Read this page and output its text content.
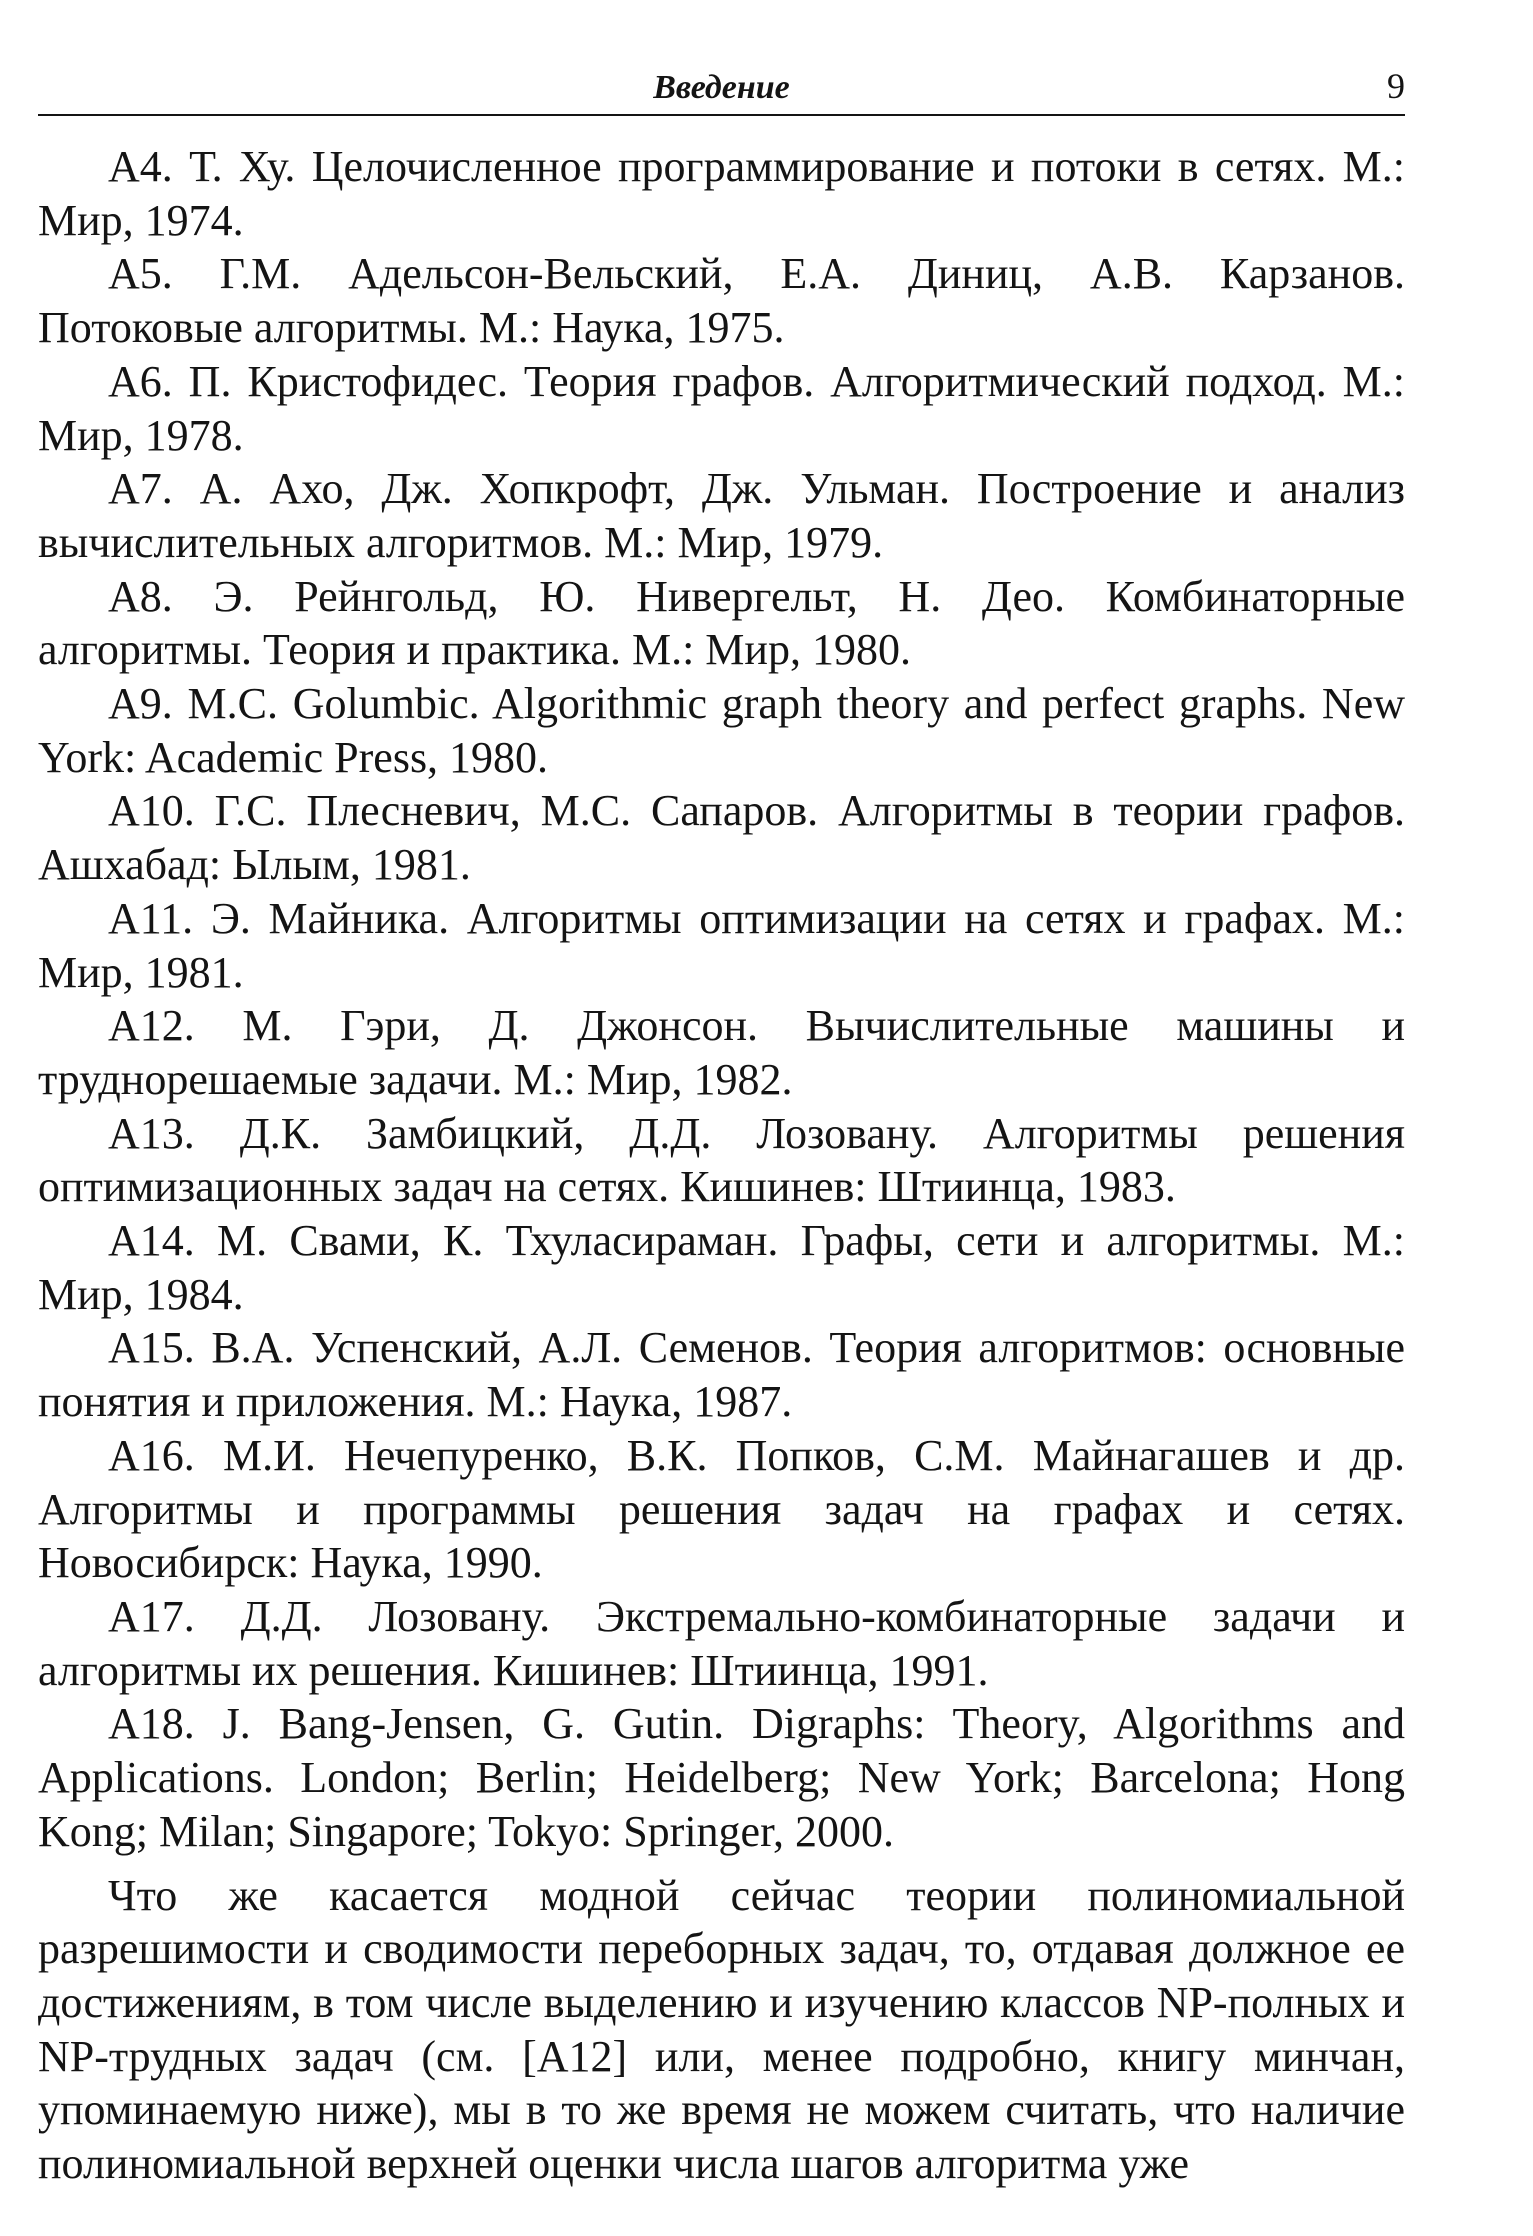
Введение	9

А4. Т. Ху. Целочисленное программирование и потоки в сетях. М.: Мир, 1974.

А5. Г.М. Адельсон-Вельский, Е.А. Диниц, А.В. Карзанов. Потоковые алгоритмы. М.: Наука, 1975.

А6. П. Кристофидес. Теория графов. Алгоритмический подход. М.: Мир, 1978.

А7. А. Ахо, Дж. Хопкрофт, Дж. Ульман. Построение и анализ вычислительных алгоритмов. М.: Мир, 1979.

А8. Э. Рейнгольд, Ю. Нивергельт, Н. Део. Комбинаторные алгоритмы. Теория и практика. М.: Мир, 1980.

А9. M.C. Golumbic. Algorithmic graph theory and perfect graphs. New York: Academic Press, 1980.

А10. Г.С. Плесневич, М.С. Сапаров. Алгоритмы в теории графов. Ашхабад: Ылым, 1981.

А11. Э. Майника. Алгоритмы оптимизации на сетях и графах. М.: Мир, 1981.

А12. М. Гэри, Д. Джонсон. Вычислительные машины и труднорешаемые задачи. М.: Мир, 1982.

А13. Д.К. Замбицкий, Д.Д. Лозовану. Алгоритмы решения оптимизационных задач на сетях. Кишинев: Штиинца, 1983.

А14. М. Свами, К. Тхуласираман. Графы, сети и алгоритмы. М.: Мир, 1984.

А15. В.А. Успенский, А.Л. Семенов. Теория алгоритмов: основные понятия и приложения. М.: Наука, 1987.

А16. М.И. Нечепуренко, В.К. Попков, С.М. Майнагашев и др. Алгоритмы и программы решения задач на графах и сетях. Новосибирск: Наука, 1990.

А17. Д.Д. Лозовану. Экстремально-комбинаторные задачи и алгоритмы их решения. Кишинев: Штиинца, 1991.

А18. J. Bang-Jensen, G. Gutin. Digraphs: Theory, Algorithms and Applications. London; Berlin; Heidelberg; New York; Barcelona; Hong Kong; Milan; Singapore; Tokyo: Springer, 2000.

Что же касается модной сейчас теории полиномиальной разрешимости и сводимости переборных задач, то, отдавая должное ее достижениям, в том числе выделению и изучению классов NP-полных и NP-трудных задач (см. [А12] или, менее подробно, книгу минчан, упоминаемую ниже), мы в то же время не можем считать, что наличие полиномиальной верхней оценки числа шагов алгоритма уже
